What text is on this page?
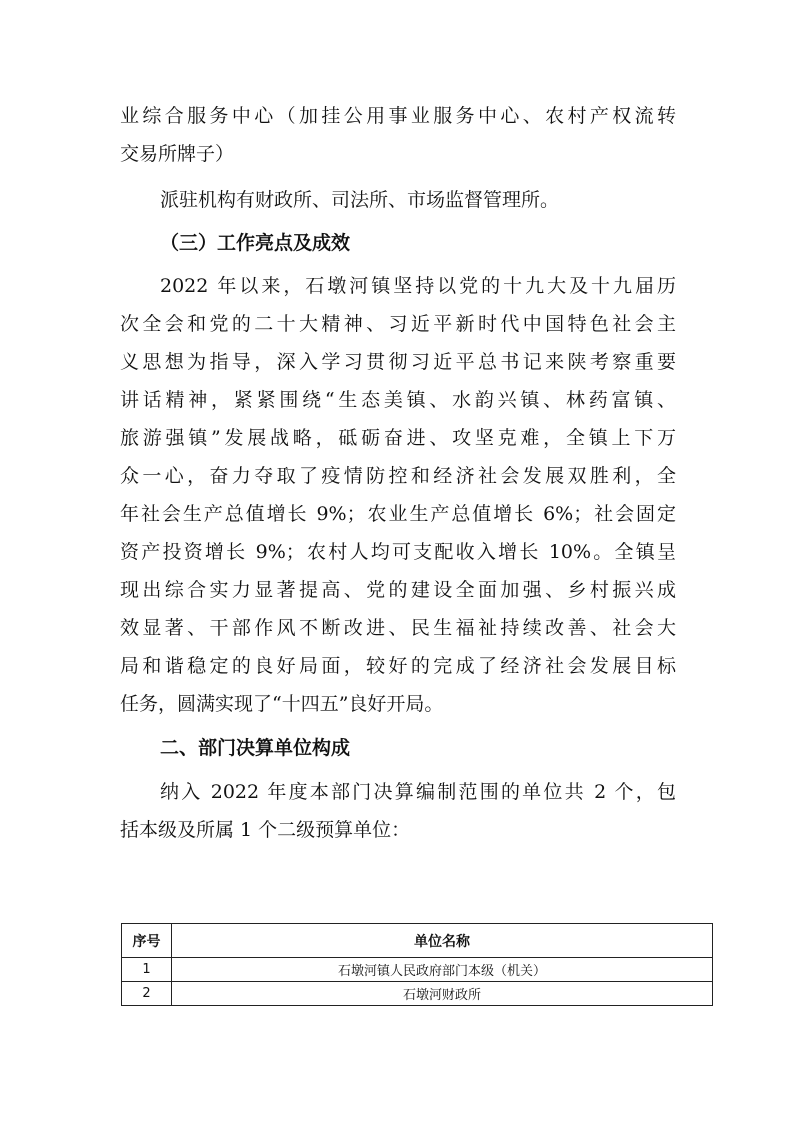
业综合服务中心（加挂公用事业服务中心、农村产权流转
交易所牌子）
派驻机构有财政所、司法所、市场监督管理所。
（三）工作亮点及成效
2022 年以来，石墩河镇坚持以党的十九大及十九届历
次全会和党的二十大精神、习近平新时代中国特色社会主
义思想为指导，深入学习贯彻习近平总书记来陕考察重要
讲话精神，紧紧围绕“生态美镇、水韵兴镇、林药富镇、
旅游强镇”发展战略，砥砺奋进、攻坚克难，全镇上下万
众一心，奋力夺取了疫情防控和经济社会发展双胜利，全
年社会生产总值增长 9%；农业生产总值增长 6%；社会固定
资产投资增长 9%；农村人均可支配收入增长 10%。全镇呈
现出综合实力显著提高、党的建设全面加强、乡村振兴成
效显著、干部作风不断改进、民生福祉持续改善、社会大
局和谐稳定的良好局面，较好的完成了经济社会发展目标
任务，圆满实现了“十四五”良好开局。
二、部门决算单位构成
纳入 2022 年度本部门决算编制范围的单位共 2 个，包
括本级及所属 1 个二级预算单位：
序号	单位名称
1	石墩河镇人民政府部门本级（机关）
2	石墩河财政所
